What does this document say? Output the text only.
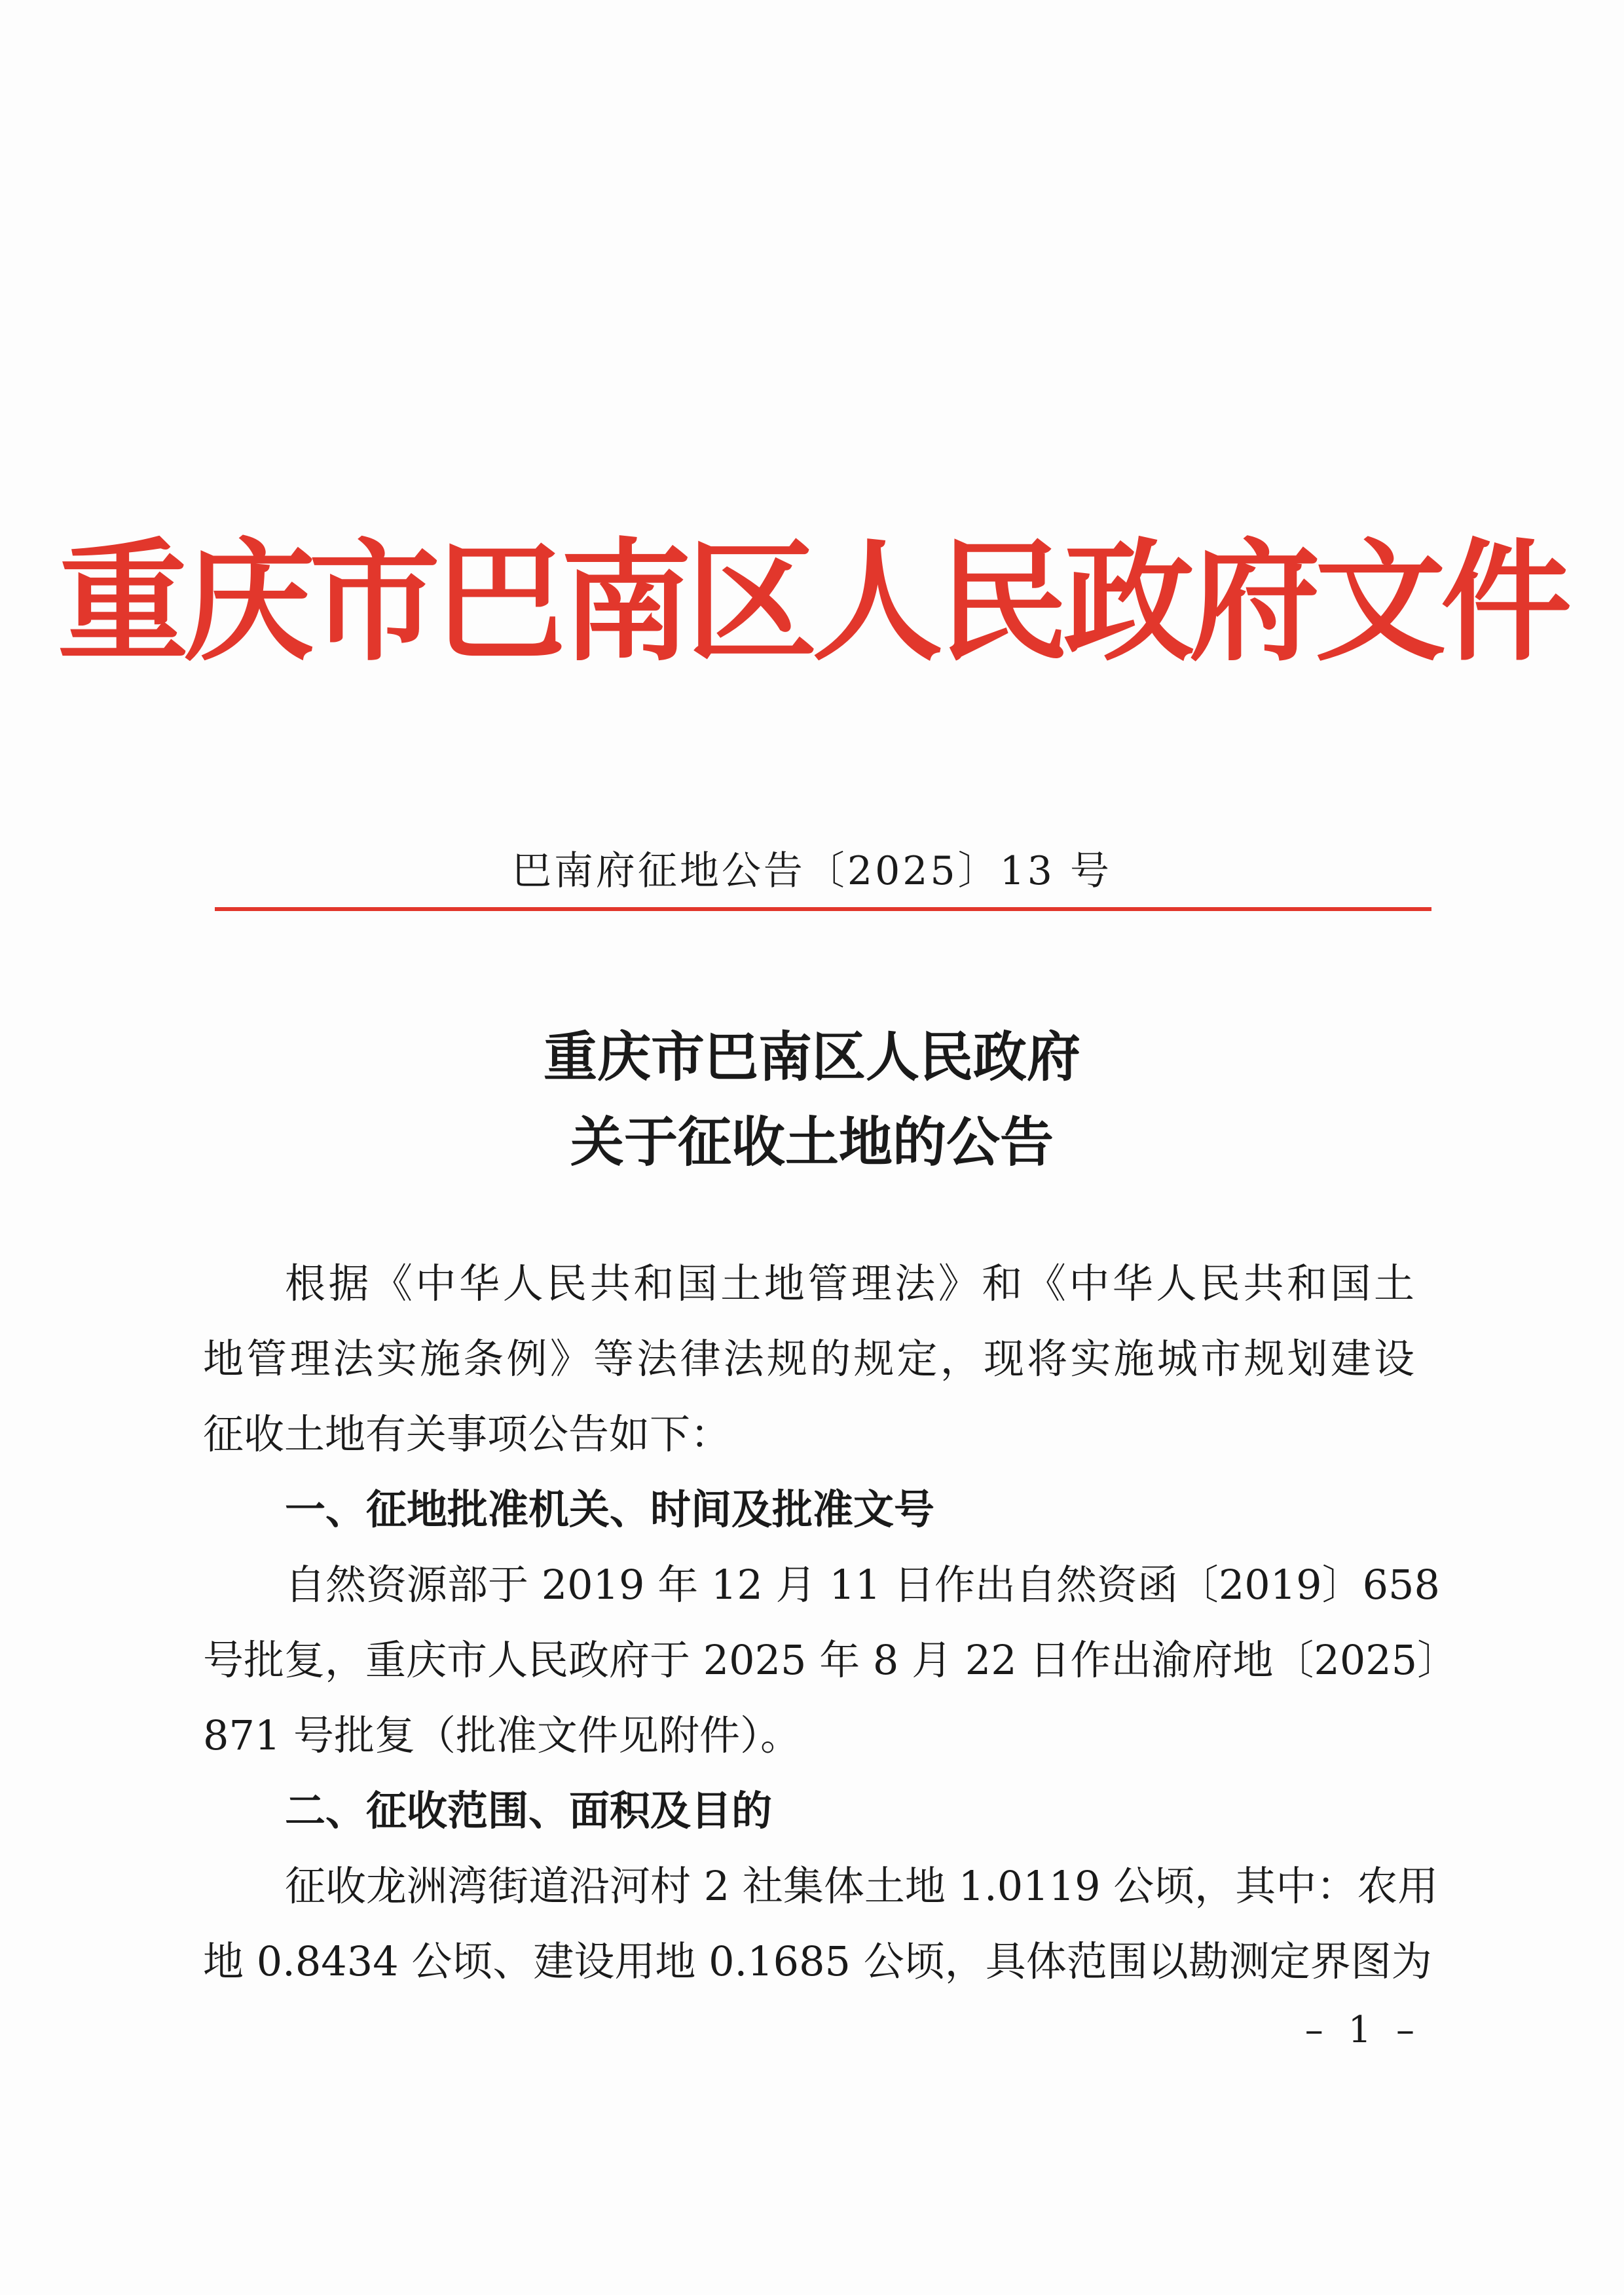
重庆市巴南区人民政府文件
巴南府征地公告〔2025〕13 号
重庆市巴南区人民政府
关于征收土地的公告
根据《中华人民共和国土地管理法》和《中华人民共和国土
地管理法实施条例》等法律法规的规定，现将实施城市规划建设
征收土地有关事项公告如下：
一、征地批准机关、时间及批准文号
自然资源部于 2019 年 12 月 11 日作出自然资函〔2019〕658
号批复，重庆市人民政府于 2025 年 8 月 22 日作出渝府地〔2025〕
871 号批复（批准文件见附件）。
二、征收范围、面积及目的
征收龙洲湾街道沿河村 2 社集体土地 1.0119 公顷，其中：农用
地 0.8434 公顷、建设用地 0.1685 公顷，具体范围以勘测定界图为
– 1 –
